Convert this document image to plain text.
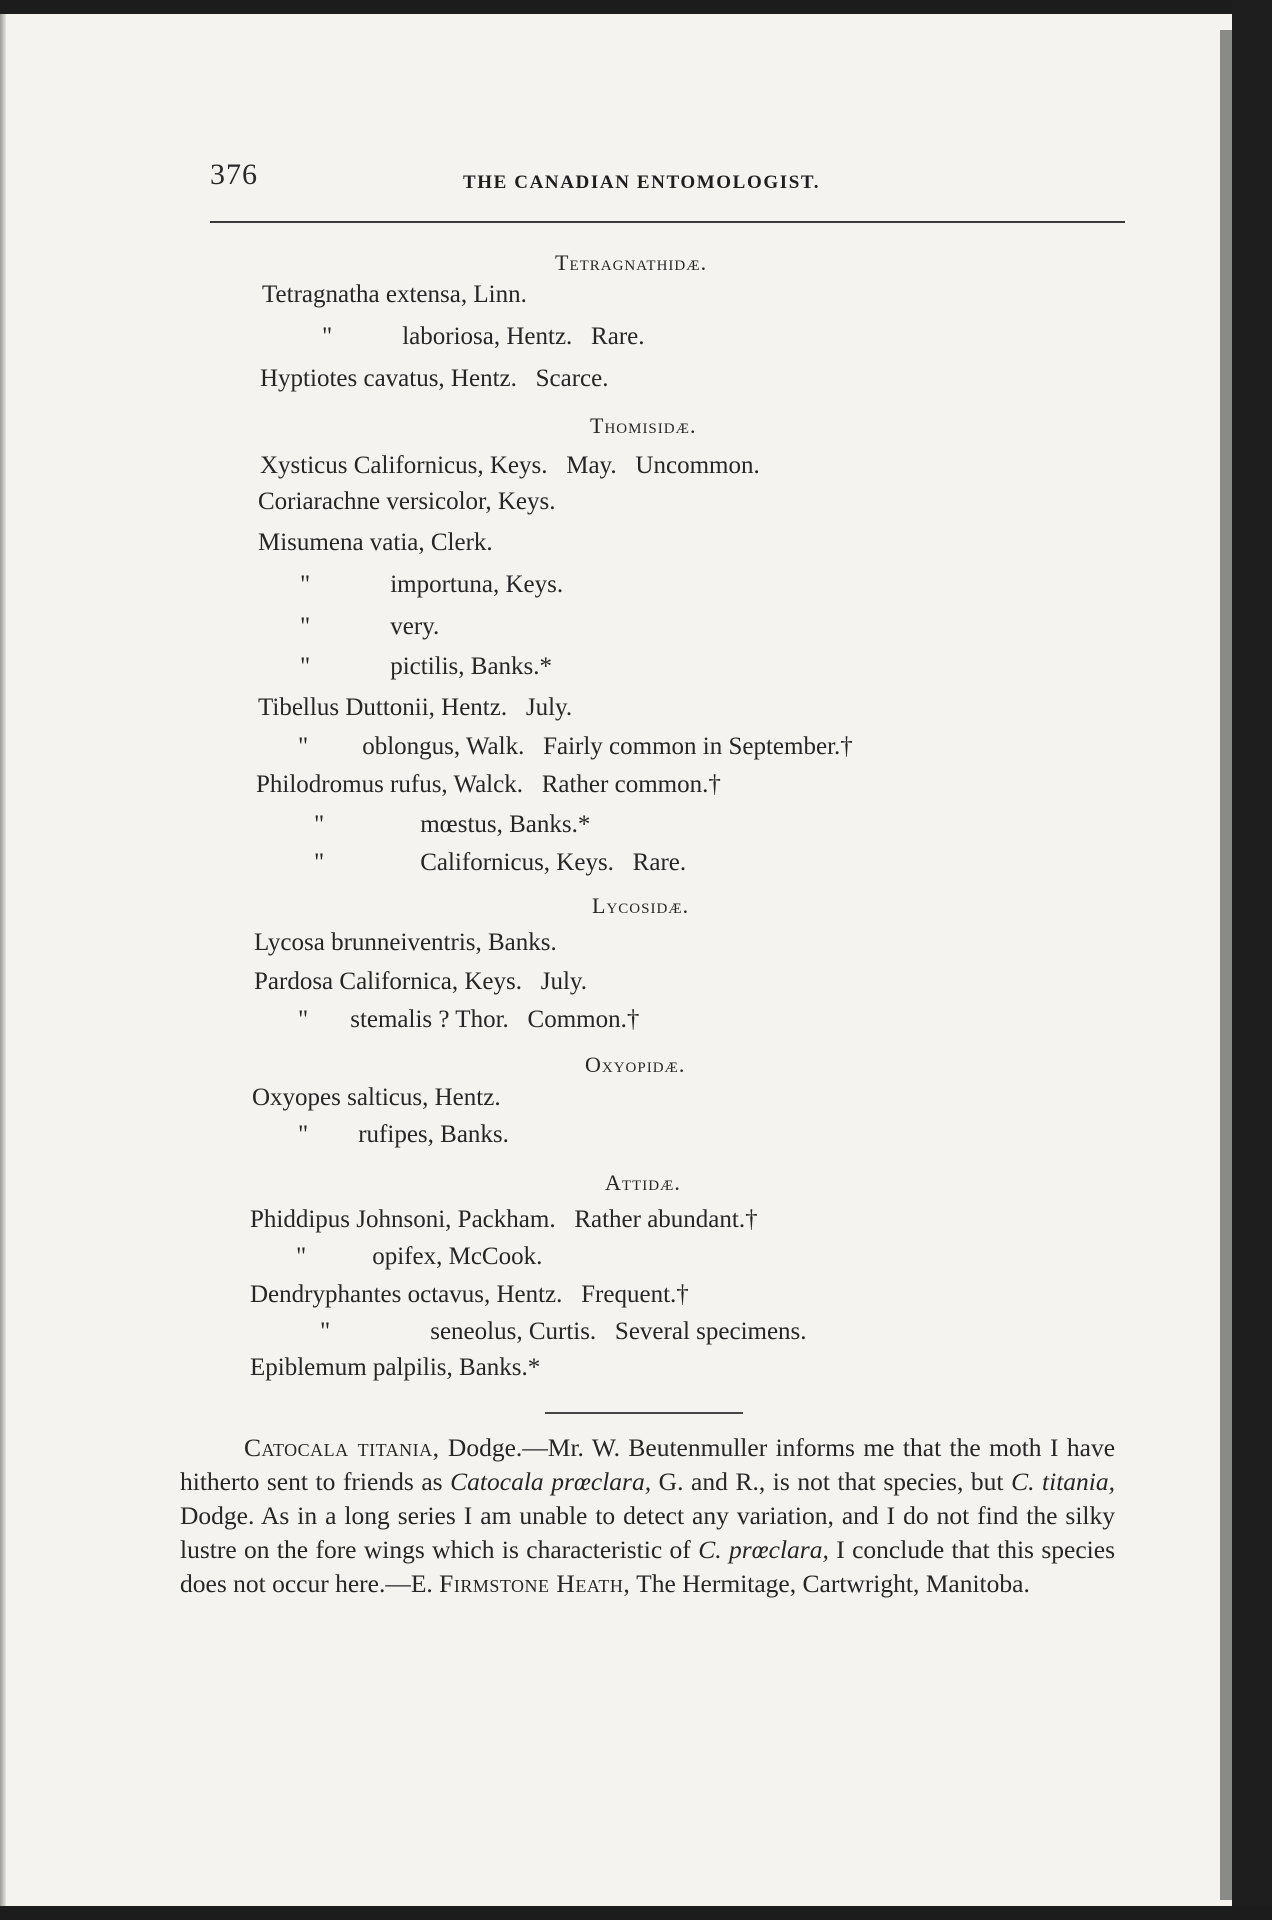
376	THE CANADIAN ENTOMOLOGIST.
Tetragnathidæ.
Tetragnatha extensa, Linn.
"	laboriosa, Hentz.   Rare.
Hyptiotes cavatus, Hentz.   Scarce.
Thomisidæ.
Xysticus Californicus, Keys.   May.   Uncommon.
Coriarachne versicolor, Keys.
Misumena vatia, Clerk.
"	importuna, Keys.
"	very.
"	pictilis, Banks.*
Tibellus Duttonii, Hentz.   July.
" oblongus, Walk.   Fairly common in September.†
Philodromus rufus, Walck.   Rather common.†
"	mœstus, Banks.*
"	Californicus, Keys.   Rare.
Lycosidæ.
Lycosa brunneiventris, Banks.
Pardosa Californica, Keys.   July.
" stemalis ? Thor.   Common.†
Oxyopidæ.
Oxyopes salticus, Hentz.
" rufipes, Banks.
Attidæ.
Phiddipus Johnsoni, Packham.   Rather abundant.†
"	opifex, McCook.
Dendryphantes octavus, Hentz.   Frequent.†
"	seneolus, Curtis.   Several specimens.
Epiblemum palpilis, Banks.*
Catocala titania, Dodge.—Mr. W. Beutenmuller informs me that the moth I have hitherto sent to friends as Catocala prœclara, G. and R., is not that species, but C. titania, Dodge. As in a long series I am unable to detect any variation, and I do not find the silky lustre on the fore wings which is characteristic of C. prœclara, I conclude that this species does not occur here.—E. Firmstone Heath, The Hermitage, Cartwright, Manitoba.
